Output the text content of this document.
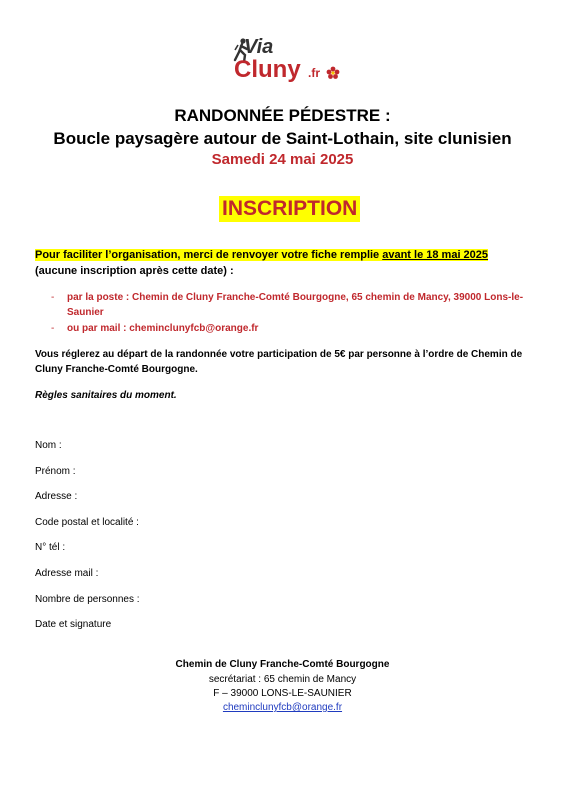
Via
Cluny .fr
RANDONNÉE PÉDESTRE :
Boucle paysagère autour de Saint-Lothain, site clunisien
Samedi 24 mai 2025
INSCRIPTION
Pour faciliter l’organisation, merci de renvoyer votre fiche remplie avant le 18 mai 2025
(aucune inscription après cette date) :
- par la poste : Chemin de Cluny Franche-Comté Bourgogne, 65 chemin de Mancy, 39000 Lons-le-
Saunier
- ou par mail : cheminclunyfcb@orange.fr
Vous réglerez au départ de la randonnée votre participation de 5€ par personne à l’ordre de Chemin de
Cluny Franche-Comté Bourgogne.
Règles sanitaires du moment.
Nom :
Prénom :
Adresse :
Code postal et localité :
N° tél :
Adresse mail :
Nombre de personnes :
Date et signature
Chemin de Cluny Franche-Comté Bourgogne
secrétariat : 65 chemin de Mancy
F – 39000 LONS-LE-SAUNIER
cheminclunyfcb@orange.fr
